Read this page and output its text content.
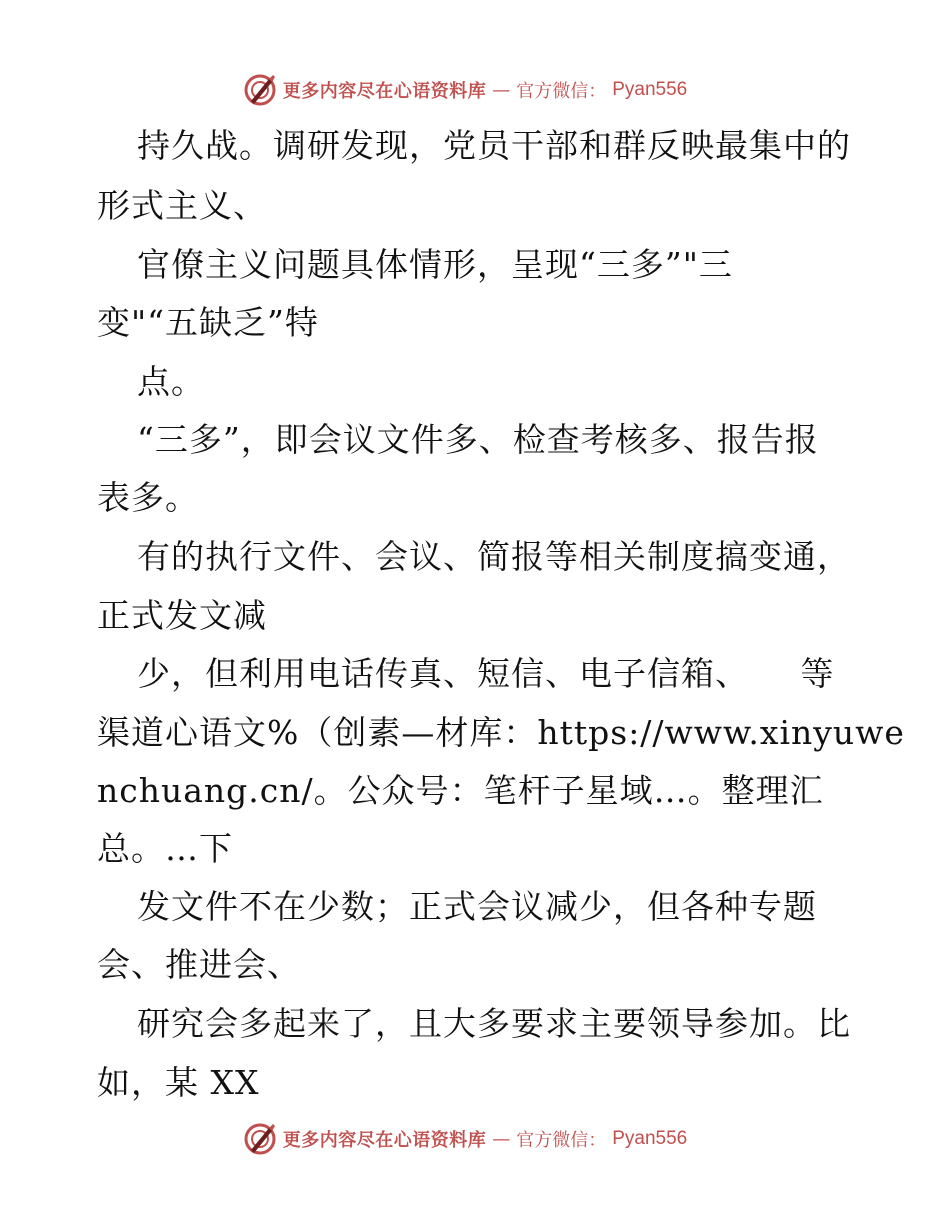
更多内容尽在心语资料库 — 官方微信： Pyan556
持久战。调研发现，党员干部和群反映最集中的
形式主义、
官僚主义问题具体情形，呈现“三多”"三
变"“五缺乏”特
点。
“三多”，即会议文件多、检查考核多、报告报
表多。
有的执行文件、会议、简报等相关制度搞变通，
正式发文减
少，但利用电话传真、短信、电子信箱、　　等
渠道心语文%（创素—材库：https://www.xinyuwe
nchuang.cn/。公众号：笔杆子星域…。整理汇
总。…下
发文件不在少数；正式会议减少，但各种专题
会、推进会、
研究会多起来了，且大多要求主要领导参加。比
如，某 XX
更多内容尽在心语资料库 — 官方微信： Pyan556
